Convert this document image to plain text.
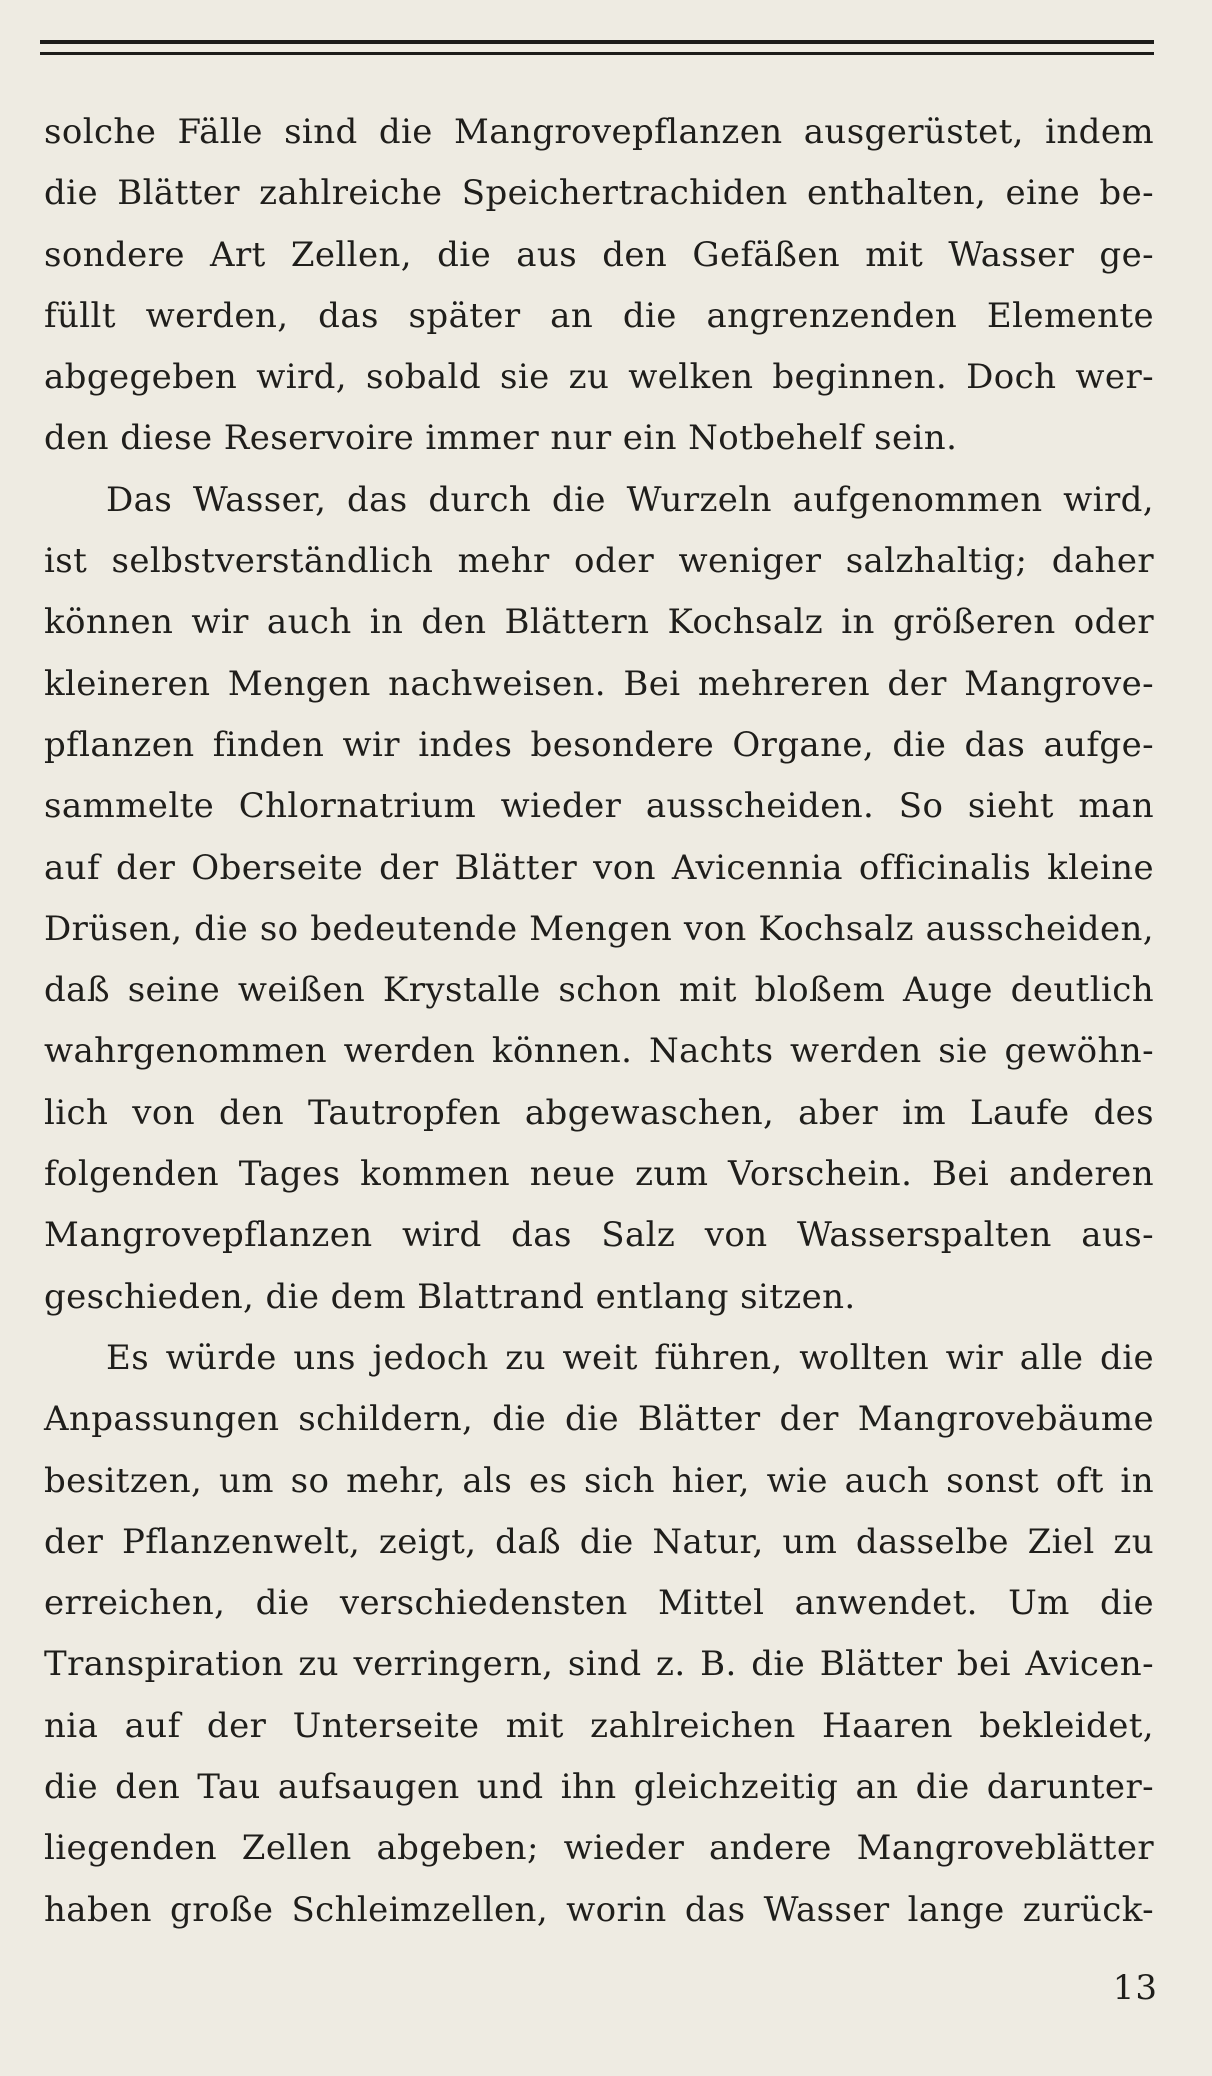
solche Fälle sind die Mangrovepflanzen ausgerüstet, indem
die Blätter zahlreiche Speichertrachiden enthalten, eine be-
sondere Art Zellen, die aus den Gefäßen mit Wasser ge-
füllt werden, das später an die angrenzenden Elemente
abgegeben wird, sobald sie zu welken beginnen. Doch wer-
den diese Reservoire immer nur ein Notbehelf sein.

Das Wasser, das durch die Wurzeln aufgenommen wird,
ist selbstverständlich mehr oder weniger salzhaltig; daher
können wir auch in den Blättern Kochsalz in größeren oder
kleineren Mengen nachweisen. Bei mehreren der Mangrove-
pflanzen finden wir indes besondere Organe, die das aufge-
sammelte Chlornatrium wieder ausscheiden. So sieht man
auf der Oberseite der Blätter von Avicennia officinalis kleine
Drüsen, die so bedeutende Mengen von Kochsalz ausscheiden,
daß seine weißen Krystalle schon mit bloßem Auge deutlich
wahrgenommen werden können. Nachts werden sie gewöhn-
lich von den Tautropfen abgewaschen, aber im Laufe des
folgenden Tages kommen neue zum Vorschein. Bei anderen
Mangrovepflanzen wird das Salz von Wasserspalten aus-
geschieden, die dem Blattrand entlang sitzen.

Es würde uns jedoch zu weit führen, wollten wir alle die
Anpassungen schildern, die die Blätter der Mangrovebäume
besitzen, um so mehr, als es sich hier, wie auch sonst oft in
der Pflanzenwelt, zeigt, daß die Natur, um dasselbe Ziel zu
erreichen, die verschiedensten Mittel anwendet. Um die
Transpiration zu verringern, sind z. B. die Blätter bei Avicen-
nia auf der Unterseite mit zahlreichen Haaren bekleidet,
die den Tau aufsaugen und ihn gleichzeitig an die darunter-
liegenden Zellen abgeben; wieder andere Mangroveblätter
haben große Schleimzellen, worin das Wasser lange zurück-

13
